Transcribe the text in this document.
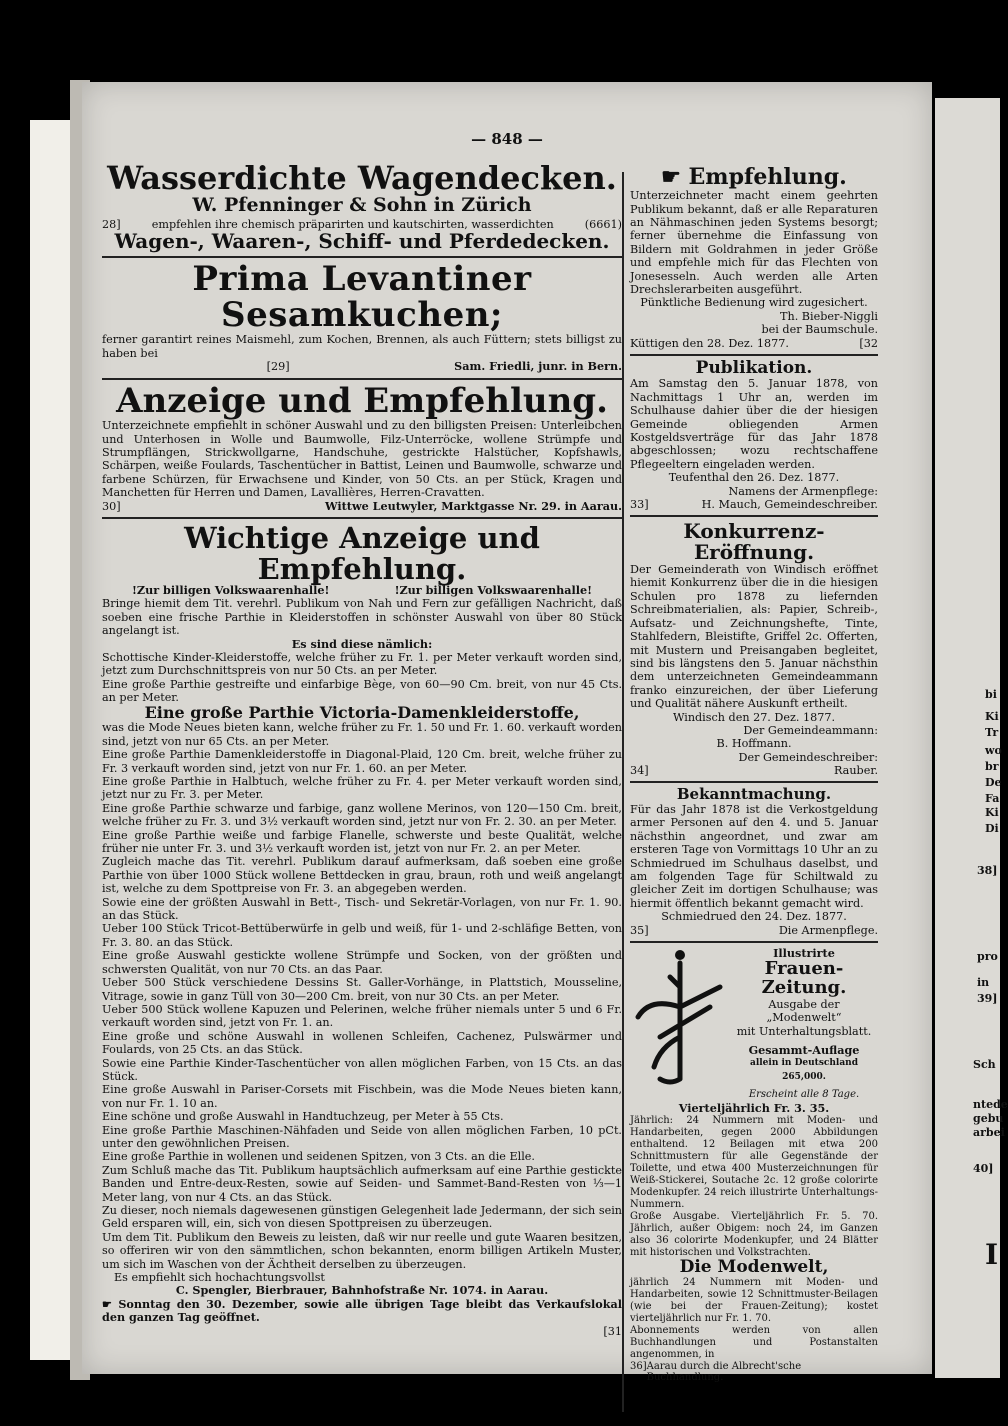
bi
Ki
Tr
wo
br
De
Fa
Ki
Di
38]
pro
in
39]
Sch
ntede
gebu
arbei
40]
I
— 848 —
Wasserdichte Wagendecken.
W. Pfenninger & Sohn in Zürich
28]	empfehlen ihre chemisch präparirten und kautschirten, wasserdichten	(6661)
Wagen-, Waaren-, Schiff- und Pferdedecken.
Prima Levantiner Sesamkuchen;
ferner garantirt reines Maismehl, zum Kochen, Brennen, als auch Füttern; stets billigst zu haben bei
[29]	Sam. Friedli, junr. in Bern.
Anzeige und Empfehlung.
Unterzeichnete empfiehlt in schöner Auswahl und zu den billigsten Preisen: Unterleibchen und Unterhosen in Wolle und Baumwolle, Filz-Unterröcke, wollene Strümpfe und Strumpflängen, Strickwollgarne, Handschuhe, gestrickte Halstücher, Kopfshawls, Schärpen, weiße Foulards, Taschentücher in Battist, Leinen und Baumwolle, schwarze und farbene Schürzen, für Erwachsene und Kinder, von 50 Cts. an per Stück, Kragen und Manchetten für Herren und Damen, Lavallières, Herren-Cravatten.
30]	Wittwe Leutwyler, Marktgasse Nr. 29. in Aarau.
Wichtige Anzeige und Empfehlung.
!Zur billigen Volkswaarenhalle!	!Zur billigen Volkswaarenhalle!
Bringe hiemit dem Tit. verehrl. Publikum von Nah und Fern zur gefälligen Nachricht, daß soeben eine frische Parthie in Kleiderstoffen in schönster Auswahl von über 80 Stück angelangt ist.
Es sind diese nämlich:
Schottische Kinder-Kleiderstoffe, welche früher zu Fr. 1. per Meter verkauft worden sind, jetzt zum Durchschnittspreis von nur 50 Cts. an per Meter.
Eine große Parthie gestreifte und einfarbige Bège, von 60—90 Cm. breit, von nur 45 Cts. an per Meter.
Eine große Parthie Victoria-Damenkleiderstoffe,
was die Mode Neues bieten kann, welche früher zu Fr. 1. 50 und Fr. 1. 60. verkauft worden sind, jetzt von nur 65 Cts. an per Meter.
Eine große Parthie Damenkleiderstoffe in Diagonal-Plaid, 120 Cm. breit, welche früher zu Fr. 3 verkauft worden sind, jetzt von nur Fr. 1. 60. an per Meter.
Eine große Parthie in Halbtuch, welche früher zu Fr. 4. per Meter verkauft worden sind, jetzt nur zu Fr. 3. per Meter.
Eine große Parthie schwarze und farbige, ganz wollene Merinos, von 120—150 Cm. breit, welche früher zu Fr. 3. und 3½ verkauft worden sind, jetzt nur von Fr. 2. 30. an per Meter.
Eine große Parthie weiße und farbige Flanelle, schwerste und beste Qualität, welche früher nie unter Fr. 3. und 3½ verkauft worden ist, jetzt von nur Fr. 2. an per Meter.
Zugleich mache das Tit. verehrl. Publikum darauf aufmerksam, daß soeben eine große Parthie von über 1000 Stück wollene Bettdecken in grau, braun, roth und weiß angelangt ist, welche zu dem Spottpreise von Fr. 3. an abgegeben werden.
Sowie eine der größten Auswahl in Bett-, Tisch- und Sekretär-Vorlagen, von nur Fr. 1. 90. an das Stück.
Ueber 100 Stück Tricot-Bettüberwürfe in gelb und weiß, für 1- und 2-schläfige Betten, von Fr. 3. 80. an das Stück.
Eine große Auswahl gestickte wollene Strümpfe und Socken, von der größten und schwersten Qualität, von nur 70 Cts. an das Paar.
Ueber 500 Stück verschiedene Dessins St. Galler-Vorhänge, in Plattstich, Mousseline, Vitrage, sowie in ganz Tüll von 30—200 Cm. breit, von nur 30 Cts. an per Meter.
Ueber 500 Stück wollene Kapuzen und Pelerinen, welche früher niemals unter 5 und 6 Fr. verkauft worden sind, jetzt von Fr. 1. an.
Eine große und schöne Auswahl in wollenen Schleifen, Cachenez, Pulswärmer und Foulards, von 25 Cts. an das Stück.
Sowie eine Parthie Kinder-Taschentücher von allen möglichen Farben, von 15 Cts. an das Stück.
Eine große Auswahl in Pariser-Corsets mit Fischbein, was die Mode Neues bieten kann, von nur Fr. 1. 10 an.
Eine schöne und große Auswahl in Handtuchzeug, per Meter à 55 Cts.
Eine große Parthie Maschinen-Nähfaden und Seide von allen möglichen Farben, 10 pCt. unter den gewöhnlichen Preisen.
Eine große Parthie in wollenen und seidenen Spitzen, von 3 Cts. an die Elle.
Zum Schluß mache das Tit. Publikum hauptsächlich aufmerksam auf eine Parthie gestickte Banden und Entre-deux-Resten, sowie auf Seiden- und Sammet-Band-Resten von ⅓—1 Meter lang, von nur 4 Cts. an das Stück.
Zu dieser, noch niemals dagewesenen günstigen Gelegenheit lade Jedermann, der sich sein Geld ersparen will, ein, sich von diesen Spottpreisen zu überzeugen.
Um dem Tit. Publikum den Beweis zu leisten, daß wir nur reelle und gute Waaren besitzen, so offeriren wir von den sämmtlichen, schon bekannten, enorm billigen Artikeln Muster, um sich im Waschen von der Ächtheit derselben zu überzeugen.
Es empfiehlt sich hochachtungsvollst
C. Spengler, Bierbrauer, Bahnhofstraße Nr. 1074. in Aarau.
☛ Sonntag den 30. Dezember, sowie alle übrigen Tage bleibt das Verkaufslokal den ganzen Tag geöffnet.
[31
☛ Empfehlung.
Unterzeichneter macht einem geehrten Publikum bekannt, daß er alle Reparaturen an Nähmaschinen jeden Systems besorgt; ferner übernehme die Einfassung von Bildern mit Goldrahmen in jeder Größe und empfehle mich für das Flechten von Jonesesseln. Auch werden alle Arten Drechslerarbeiten ausgeführt.
Pünktliche Bedienung wird zugesichert.
Th. Bieber-Niggli
bei der Baumschule.
Küttigen den 28. Dez. 1877.	[32
Publikation.
Am Samstag den 5. Januar 1878, von Nachmittags 1 Uhr an, werden im Schulhause dahier über die der hiesigen Gemeinde obliegenden Armen Kostgeldsverträge für das Jahr 1878 abgeschlossen; wozu rechtschaffene Pflegeeltern eingeladen werden.
Teufenthal den 26. Dez. 1877.
Namens der Armenpflege:
33]	H. Mauch, Gemeindeschreiber.
Konkurrenz-Eröffnung.
Der Gemeinderath von Windisch eröffnet hiemit Konkurrenz über die in die hiesigen Schulen pro 1878 zu liefernden Schreibmaterialien, als: Papier, Schreib-, Aufsatz- und Zeichnungshefte, Tinte, Stahlfedern, Bleistifte, Griffel 2c. Offerten, mit Mustern und Preisangaben begleitet, sind bis längstens den 5. Januar nächsthin dem unterzeichneten Gemeindeammann franko einzureichen, der über Lieferung und Qualität nähere Auskunft ertheilt.
Windisch den 27. Dez. 1877.
Der Gemeindeammann:
B. Hoffmann.
Der Gemeindeschreiber:
34]	Rauber.
Bekanntmachung.
Für das Jahr 1878 ist die Verkostgeldung armer Personen auf den 4. und 5. Januar nächsthin angeordnet, und zwar am ersteren Tage von Vormittags 10 Uhr an zu Schmiedrued im Schulhaus daselbst, und am folgenden Tage für Schiltwald zu gleicher Zeit im dortigen Schulhause; was hiermit öffentlich bekannt gemacht wird.
Schmiedrued den 24. Dez. 1877.
35]	Die Armenpflege.
Illustrirte
Frauen-Zeitung.
Ausgabe der „Modenwelt“
mit Unterhaltungsblatt.
Gesammt-Auflage
allein in Deutschland 265,000.
Erscheint alle 8 Tage.
Vierteljährlich Fr. 3. 35.
Jährlich: 24 Nummern mit Moden- und Handarbeiten, gegen 2000 Abbildungen enthaltend. 12 Beilagen mit etwa 200 Schnittmustern für alle Gegenstände der Toilette, und etwa 400 Musterzeichnungen für Weiß-Stickerei, Soutache 2c. 12 große colorirte Modenkupfer. 24 reich illustrirte Unterhaltungs-Nummern.
Große Ausgabe. Vierteljährlich Fr. 5. 70. Jährlich, außer Obigem: noch 24, im Ganzen also 36 colorirte Modenkupfer, und 24 Blätter mit historischen und Volkstrachten.
Die Modenwelt,
jährlich 24 Nummern mit Moden- und Handarbeiten, sowie 12 Schnittmuster-Beilagen (wie bei der Frauen-Zeitung); kostet vierteljährlich nur Fr. 1. 70.
Abonnements werden von allen Buchhandlungen und Postanstalten angenommen, in
36] Aarau durch die Albrecht'sche Buchhandlung.
